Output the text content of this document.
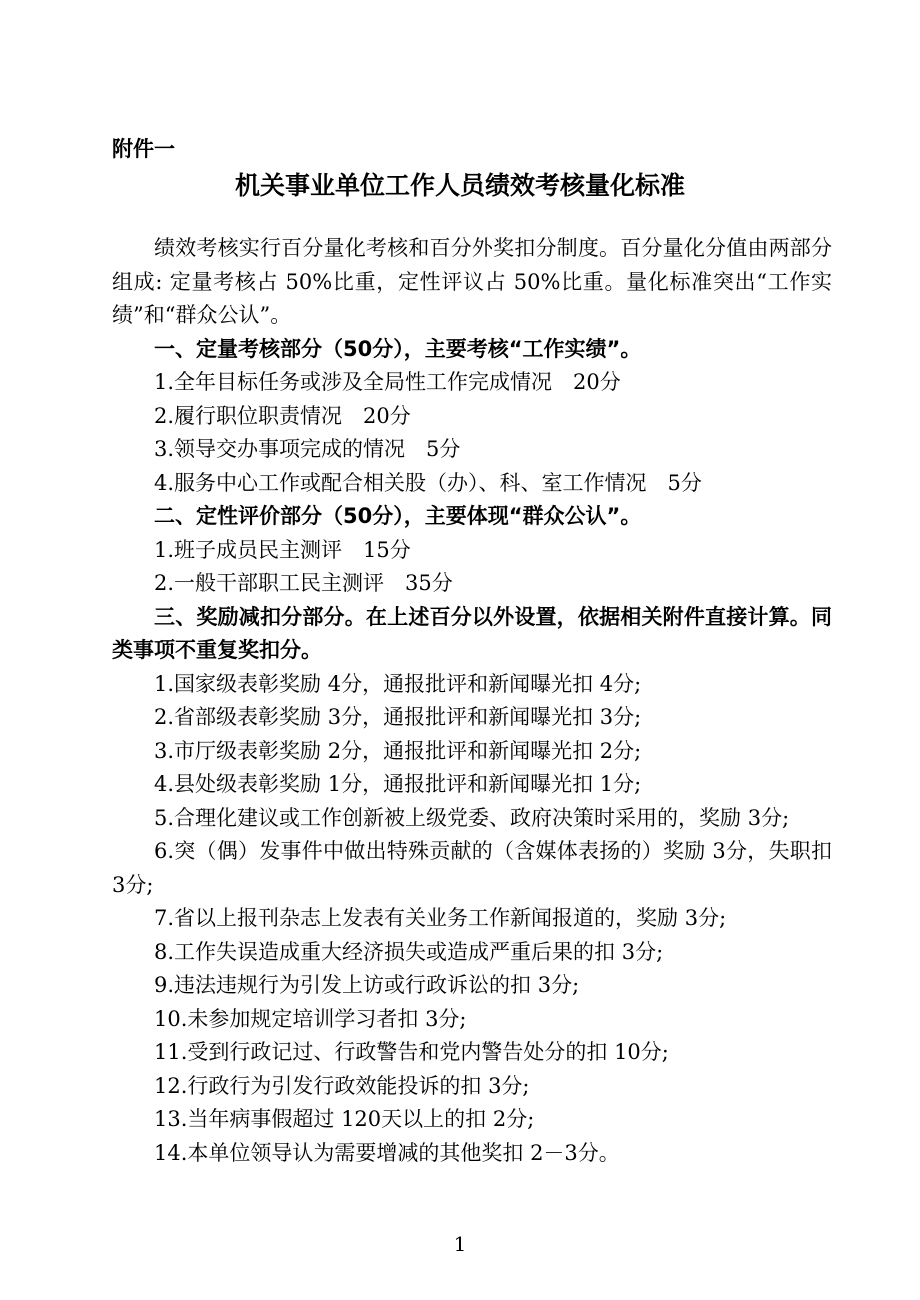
附件一
机关事业单位工作人员绩效考核量化标准

绩效考核实行百分量化考核和百分外奖扣分制度。百分量化分值由两部分组成: 定量考核占 50%比重，定性评议占 50%比重。量化标准突出“工作实绩”和“群众公认”。

一、定量考核部分（50分），主要考核“工作实绩”。

1.全年目标任务或涉及全局性工作完成情况　20分

2.履行职位职责情况　20分

3.领导交办事项完成的情况　5分

4.服务中心工作或配合相关股（办）、科、室工作情况　5分

二、定性评价部分（50分），主要体现“群众公认”。

1.班子成员民主测评　15分

2.一般干部职工民主测评　35分

三、奖励减扣分部分。在上述百分以外设置，依据相关附件直接计算。同类事项不重复奖扣分。

1.国家级表彰奖励 4分，通报批评和新闻曝光扣 4分;

2.省部级表彰奖励 3分，通报批评和新闻曝光扣 3分;

3.市厅级表彰奖励 2分，通报批评和新闻曝光扣 2分;

4.县处级表彰奖励 1分，通报批评和新闻曝光扣 1分;

5.合理化建议或工作创新被上级党委、政府决策时采用的，奖励 3分;

6.突（偶）发事件中做出特殊贡献的（含媒体表扬的）奖励 3分，失职扣 3分;

7.省以上报刊杂志上发表有关业务工作新闻报道的，奖励 3分;

8.工作失误造成重大经济损失或造成严重后果的扣 3分;

9.违法违规行为引发上访或行政诉讼的扣 3分;

10.未参加规定培训学习者扣 3分;

11.受到行政记过、行政警告和党内警告处分的扣 10分;

12.行政行为引发行政效能投诉的扣 3分;

13.当年病事假超过 120天以上的扣 2分;

14.本单位领导认为需要增减的其他奖扣 2－3分。

1
